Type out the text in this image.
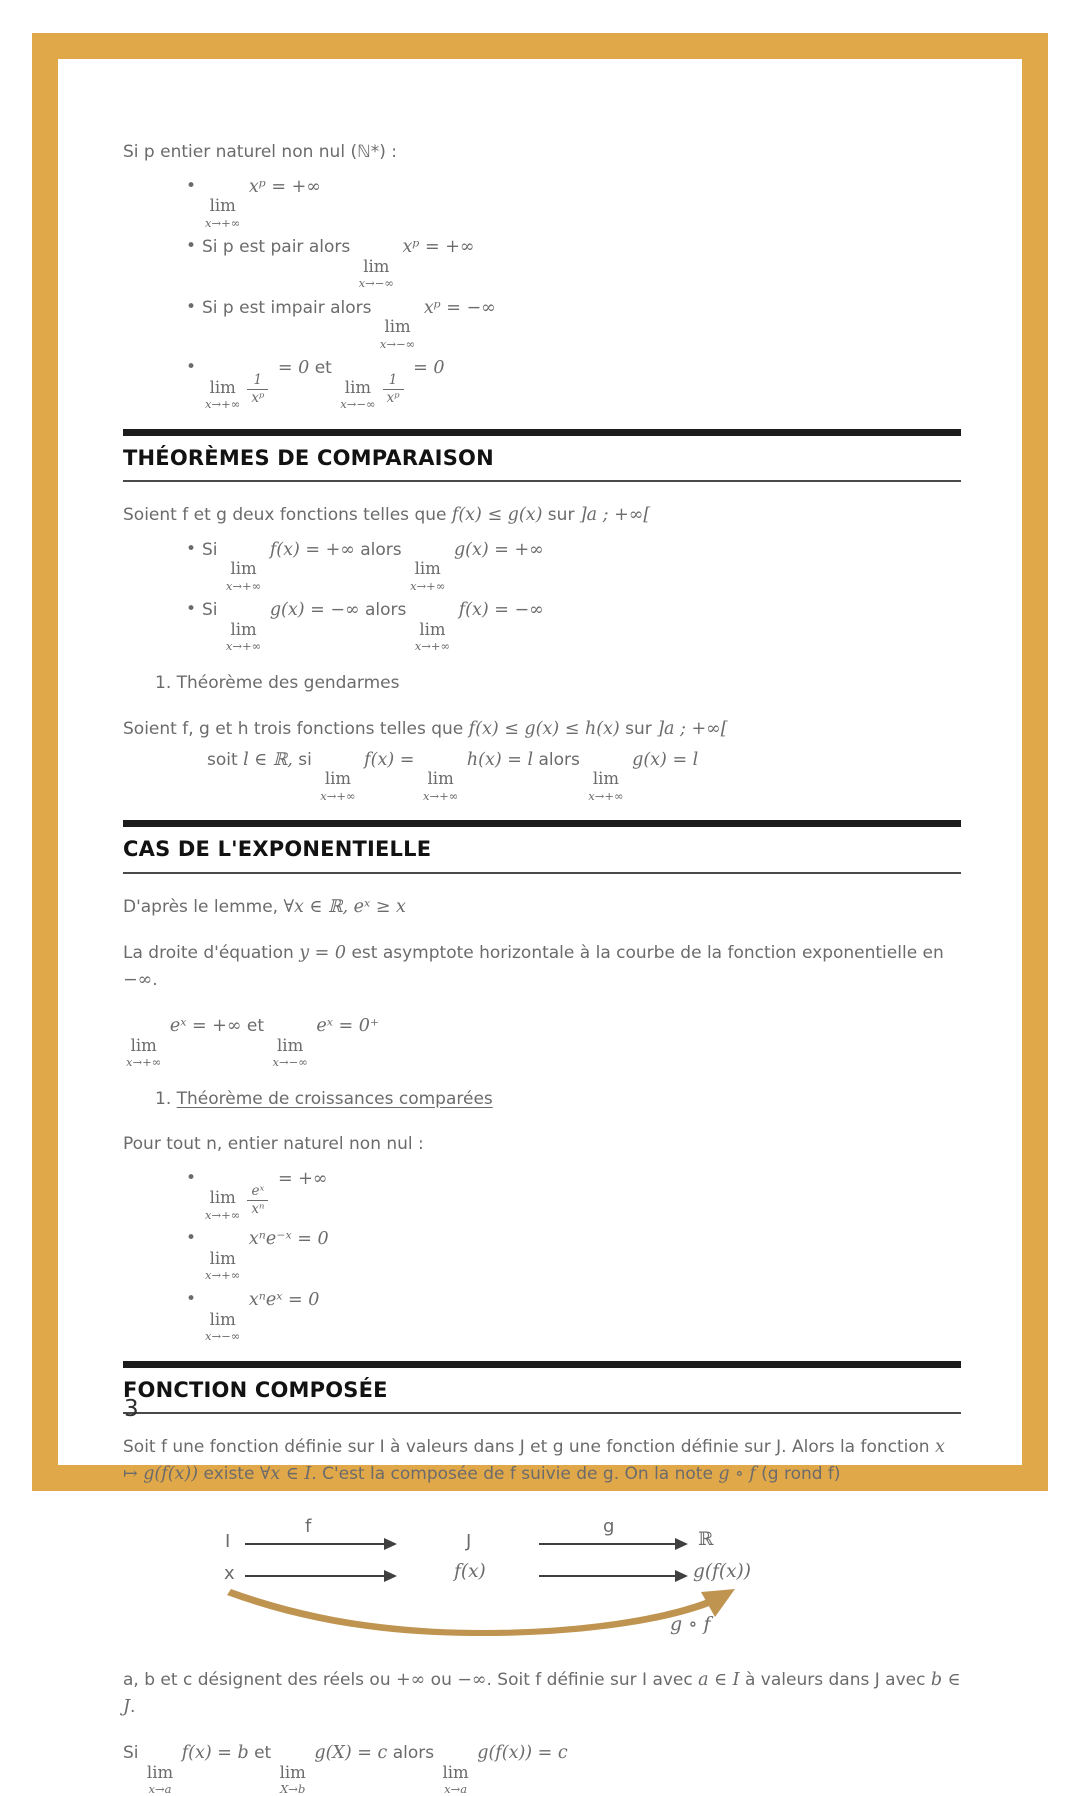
Si p entier naturel non nul (ℕ*) :
• lim
x→+∞
xᵖ = +∞
• Si p est pair alors
lim
x→−∞
xᵖ = +∞
• Si p est impair alors
lim
x→−∞
xᵖ = −∞
• lim
$x\to+\infty \frac{1}{\text{xᵖ}}$
= 0 et
lim
$x\to-\infty \frac{1}{\text{xᵖ}}$
= 0
THÉORÈMES DE COMPARAISON
Soient f et g deux fonctions telles que f(x) ≤ g(x) sur ]a ; +∞[
• Si
lim
x→+∞
f(x) = +∞ alors
lim
x→+∞
g(x) = +∞
• Si
lim
x→+∞
g(x) = −∞ alors
lim
x→+∞
f(x) = −∞
1. Théorème des gendarmes
Soient f, g et h trois fonctions telles que f(x) ≤ g(x) ≤ h(x) sur ]a ; +∞[
soit l ∈ ℝ, si
lim
x→+∞
f(x) =
lim
x→+∞
h(x) = l alors
lim
x→+∞
g(x) = l
CAS DE L'EXPONENTIELLE
D'après le lemme, ∀x ∈ ℝ, eˣ ≥ x
La droite d'équation y = 0 est asymptote horizontale à la courbe de la fonction exponentielle en −∞.
lim
x→+∞
eˣ = +∞ et
lim
x→−∞
eˣ = 0⁺
1. Théorème de croissances comparées
Pour tout n, entier naturel non nul :
• lim
$x\to+\infty \frac{\text{eˣ}}{\text{xⁿ}}$
= +∞
• lim
x→+∞
xⁿe⁻ˣ = 0
• lim
x→−∞
xⁿeˣ = 0
FONCTION COMPOSÉE
Soit f une fonction définie sur I à valeurs dans J et g une fonction définie sur J. Alors la fonction x ↦ g(f(x)) existe ∀x ∈ I. C'est la composée de f suivie de g. On la note g ∘ f (g rond f)
f	g
I	J	ℝ
x	f(x)	g(f(x))
g ∘ f
a, b et c désignent des réels ou +∞ ou −∞. Soit f définie sur I avec a ∈ I à valeurs dans J avec b ∈ J.
Si
lim
x→a
f(x) = b et
lim
X→b
g(X) = c alors
lim
x→a
g(f(x)) = c
3
